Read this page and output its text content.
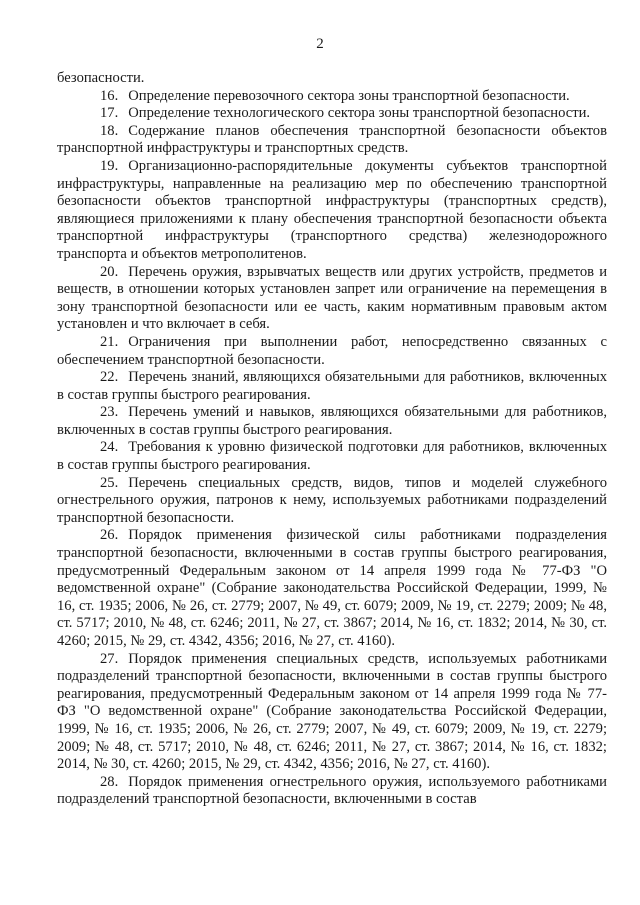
2

безопасности.

16. Определение перевозочного сектора зоны транспортной безопасности.

17. Определение технологического сектора зоны транспортной безопасности.

18. Содержание планов обеспечения транспортной безопасности объектов транспортной инфраструктуры и транспортных средств.

19. Организационно-распорядительные документы субъектов транспортной инфраструктуры, направленные на реализацию мер по обеспечению транспортной безопасности объектов транспортной инфраструктуры (транспортных средств), являющиеся приложениями к плану обеспечения транспортной безопасности объекта транспортной инфраструктуры (транспортного средства) железнодорожного транспорта и объектов метрополитенов.

20. Перечень оружия, взрывчатых веществ или других устройств, предметов и веществ, в отношении которых установлен запрет или ограничение на перемещения в зону транспортной безопасности или ее часть, каким нормативным правовым актом установлен и что включает в себя.

21. Ограничения при выполнении работ, непосредственно связанных с обеспечением транспортной безопасности.

22. Перечень знаний, являющихся обязательными для работников, включенных в состав группы быстрого реагирования.

23. Перечень умений и навыков, являющихся обязательными для работников, включенных в состав группы быстрого реагирования.

24. Требования к уровню физической подготовки для работников, включенных в состав группы быстрого реагирования.

25. Перечень специальных средств, видов, типов и моделей служебного огнестрельного оружия, патронов к нему, используемых работниками подразделений транспортной безопасности.

26. Порядок применения физической силы работниками подразделения транспортной безопасности, включенными в состав группы быстрого реагирования, предусмотренный Федеральным законом от 14 апреля 1999 года № 77-ФЗ "О ведомственной охране" (Собрание законодательства Российской Федерации, 1999, № 16, ст. 1935; 2006, № 26, ст. 2779; 2007, № 49, ст. 6079; 2009, № 19, ст. 2279; 2009; № 48, ст. 5717; 2010, № 48, ст. 6246; 2011, № 27, ст. 3867; 2014, № 16, ст. 1832; 2014, № 30, ст. 4260; 2015, № 29, ст. 4342, 4356; 2016, № 27, ст. 4160).

27. Порядок применения специальных средств, используемых работниками подразделений транспортной безопасности, включенными в состав группы быстрого реагирования, предусмотренный Федеральным законом от 14 апреля 1999 года № 77-ФЗ "О ведомственной охране" (Собрание законодательства Российской Федерации, 1999, № 16, ст. 1935; 2006, № 26, ст. 2779; 2007, № 49, ст. 6079; 2009, № 19, ст. 2279; 2009; № 48, ст. 5717; 2010, № 48, ст. 6246; 2011, № 27, ст. 3867; 2014, № 16, ст. 1832; 2014, № 30, ст. 4260; 2015, № 29, ст. 4342, 4356; 2016, № 27, ст. 4160).

28. Порядок применения огнестрельного оружия, используемого работниками подразделений транспортной безопасности, включенными в состав
